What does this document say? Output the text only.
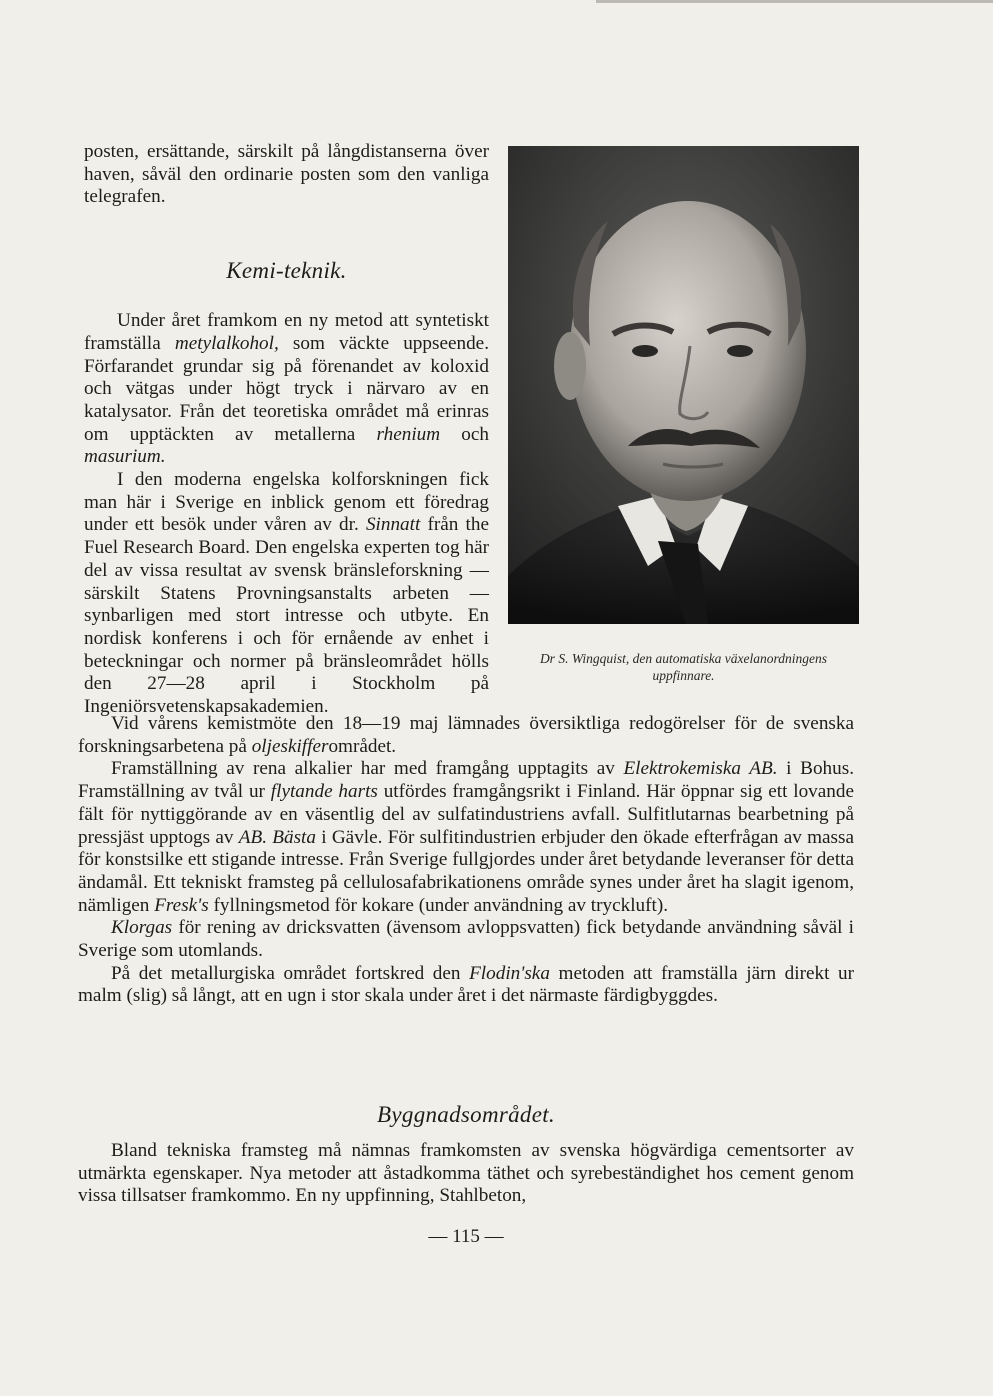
posten, ersättande, särskilt på långdistanserna över haven, såväl den ordinarie posten som den vanliga telegrafen.

Kemi-teknik.

Under året framkom en ny metod att syntetiskt framställa metylalkohol, som väckte uppseende. Förfarandet grundar sig på förenandet av koloxid och vätgas under högt tryck i närvaro av en katalysator. Från det teoretiska området må erinras om upptäckten av metallerna rhenium och masurium.

I den moderna engelska kolforskningen fick man här i Sverige en inblick genom ett föredrag under ett besök under våren av dr. Sinnatt från the Fuel Research Board. Den engelska experten tog här del av vissa resultat av svensk bränsleforskning — särskilt Statens Provningsanstalts arbeten — synbarligen med stort intresse och utbyte. En nordisk konferens i och för ernående av enhet i beteckningar och normer på bränsleområdet hölls den 27—28 april i Stockholm på Ingeniörsvetenskapsakademien.

Dr S. Wingquist, den automatiska växelanordningens uppfinnare.

Vid vårens kemistmöte den 18—19 maj lämnades översiktliga redogörelser för de svenska forskningsarbetena på oljeskifferområdet.

Framställning av rena alkalier har med framgång upptagits av Elektrokemiska AB. i Bohus. Framställning av tvål ur flytande harts utfördes framgångsrikt i Finland. Här öppnar sig ett lovande fält för nyttiggörande av en väsentlig del av sulfatindustriens avfall. Sulfitlutarnas bearbetning på pressjäst upptogs av AB. Bästa i Gävle. För sulfitindustrien erbjuder den ökade efterfrågan av massa för konstsilke ett stigande intresse. Från Sverige fullgjordes under året betydande leveranser för detta ändamål. Ett tekniskt framsteg på cellulosafabrikationens område synes under året ha slagit igenom, nämligen Fresk's fyllningsmetod för kokare (under användning av tryckluft).

Klorgas för rening av dricksvatten (ävensom avloppsvatten) fick betydande användning såväl i Sverige som utomlands.

På det metallurgiska området fortskred den Flodin'ska metoden att framställa järn direkt ur malm (slig) så långt, att en ugn i stor skala under året i det närmaste färdigbyggdes.

Byggnadsområdet.

Bland tekniska framsteg må nämnas framkomsten av svenska högvärdiga cementsorter av utmärkta egenskaper. Nya metoder att åstadkomma täthet och syrebeständighet hos cement genom vissa tillsatser framkommo. En ny uppfinning, Stahlbeton,

— 115 —
